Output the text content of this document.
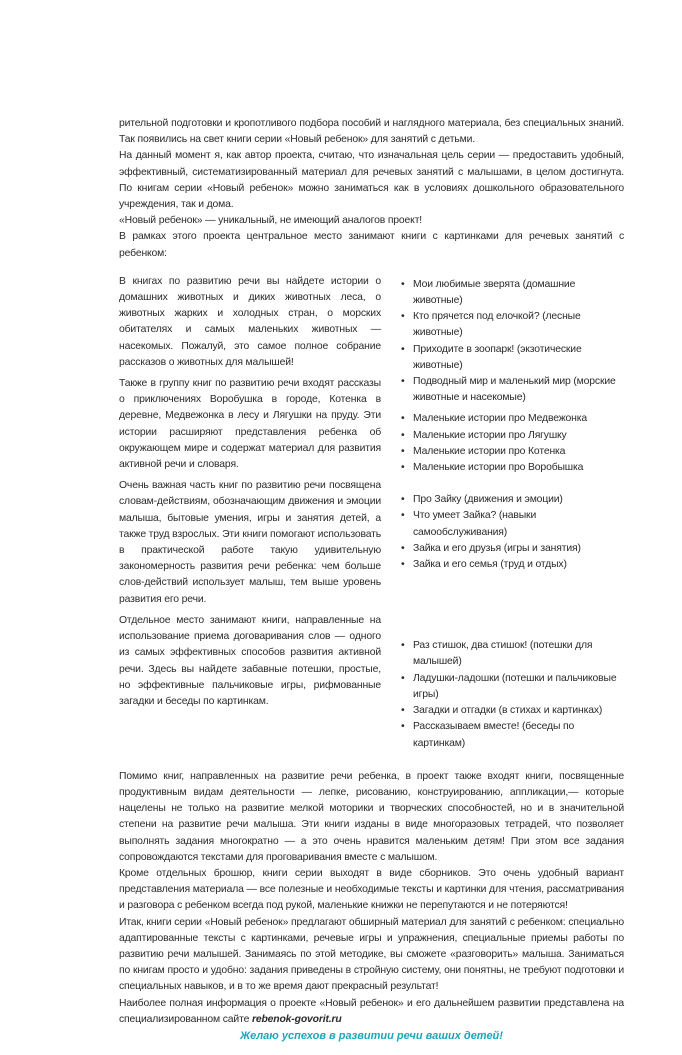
рительной подготовки и кропотливого подбора пособий и наглядного материала, без специальных знаний. Так появились на свет книги серии «Новый ребенок» для занятий с детьми.

На данный момент я, как автор проекта, считаю, что изначальная цель серии — предоставить удобный, эффективный, систематизированный материал для речевых занятий с малышами, в целом достигнута. По книгам серии «Новый ребенок» можно заниматься как в условиях дошкольного образовательного учреждения, так и дома.

«Новый ребенок» — уникальный, не имеющий аналогов проект!

В рамках этого проекта центральное место занимают книги с картинками для речевых занятий с ребенком:

В книгах по развитию речи вы найдете истории о домашних животных и диких животных леса, о животных жарких и холодных стран, о морских обитателях и самых маленьких животных — насекомых. Пожалуй, это самое полное собрание рассказов о животных для малышей!

Также в группу книг по развитию речи входят рассказы о приключениях Воробушка в городе, Котенка в деревне, Медвежонка в лесу и Лягушки на пруду. Эти истории расширяют представления ребенка об окружающем мире и содержат материал для развития активной речи и словаря.

Очень важная часть книг по развитию речи посвящена словам-действиям, обозначающим движения и эмоции малыша, бытовые умения, игры и занятия детей, а также труд взрослых. Эти книги помогают использовать в практической работе такую удивительную закономерность развития речи ребенка: чем больше слов-действий использует малыш, тем выше уровень развития его речи.

Отдельное место занимают книги, направленные на использование приема договаривания слов — одного из самых эффективных способов развития активной речи. Здесь вы найдете забавные потешки, простые, но эффективные пальчиковые игры, рифмованные загадки и беседы по картинкам.

• Мои любимые зверята (домашние животные)
• Кто прячется под елочкой? (лесные животные)
• Приходите в зоопарк! (экзотические животные)
• Подводный мир и маленький мир (морские животные и насекомые)
• Маленькие истории про Медвежонка
• Маленькие истории про Лягушку
• Маленькие истории про Котенка
• Маленькие истории про Воробышка
• Про Зайку (движения и эмоции)
• Что умеет Зайка? (навыки самообслуживания)
• Зайка и его друзья (игры и занятия)
• Зайка и его семья (труд и отдых)
• Раз стишок, два стишок! (потешки для малышей)
• Ладушки-ладошки (потешки и пальчиковые игры)
• Загадки и отгадки (в стихах и картинках)
• Рассказываем вместе! (беседы по картинкам)

Помимо книг, направленных на развитие речи ребенка, в проект также входят книги, посвященные продуктивным видам деятельности — лепке, рисованию, конструированию, аппликации,— которые нацелены не только на развитие мелкой моторики и творческих способностей, но и в значительной степени на развитие речи малыша. Эти книги изданы в виде многоразовых тетрадей, что позволяет выполнять задания многократно — а это очень нравится маленьким детям! При этом все задания сопровождаются текстами для проговаривания вместе с малышом.

Кроме отдельных брошюр, книги серии выходят в виде сборников. Это очень удобный вариант представления материала — все полезные и необходимые тексты и картинки для чтения, рассматривания и разговора с ребенком всегда под рукой, маленькие книжки не перепутаются и не потеряются!

Итак, книги серии «Новый ребенок» предлагают обширный материал для занятий с ребенком: специально адаптированные тексты с картинками, речевые игры и упражнения, специальные приемы работы по развитию речи малышей. Занимаясь по этой методике, вы сможете «разговорить» малыша. Заниматься по книгам просто и удобно: задания приведены в стройную систему, они понятны, не требуют подготовки и специальных навыков, и в то же время дают прекрасный результат!

Наиболее полная информация о проекте «Новый ребенок» и его дальнейшем развитии представлена на специализированном сайте rebenok-govorit.ru

Желаю успехов в развитии речи ваших детей!
